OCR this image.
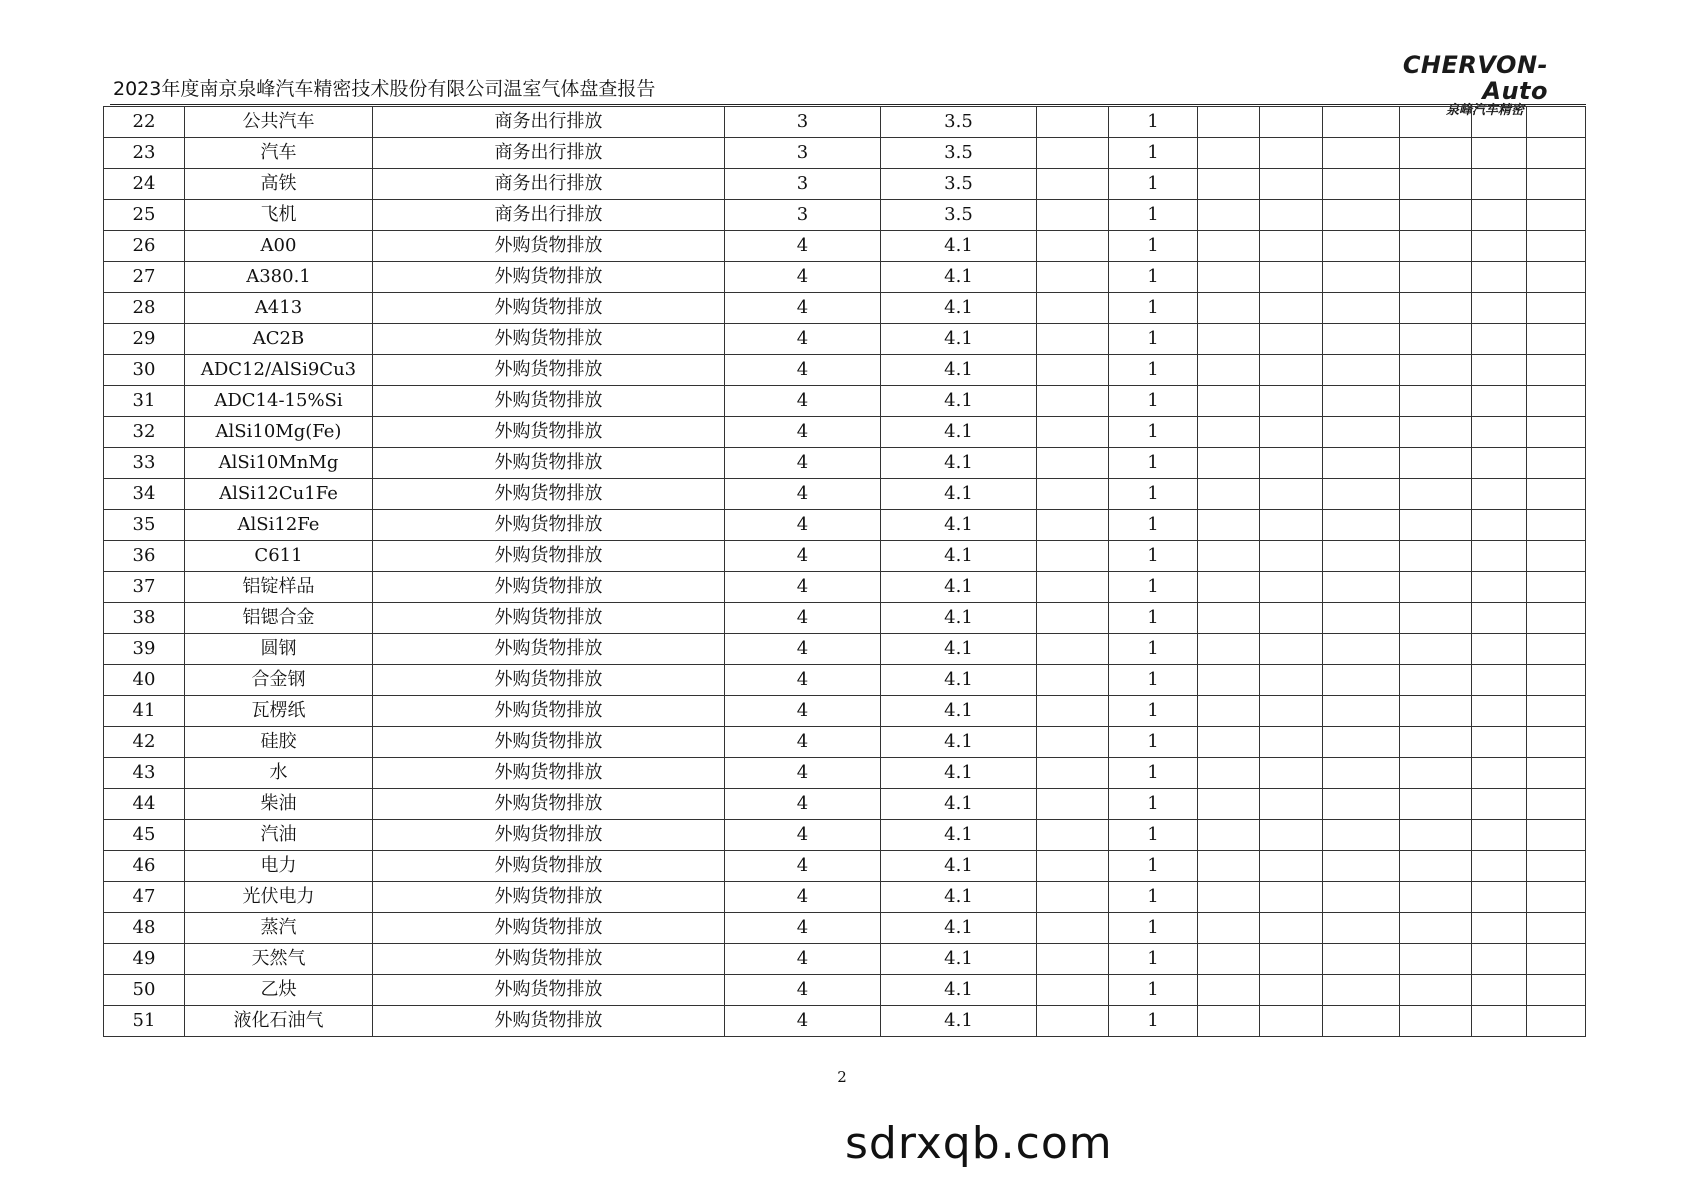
2023年度南京泉峰汽车精密技术股份有限公司温室气体盘查报告
CHERVON-Auto
泉峰汽车精密
22	公共汽车	商务出行排放	3	3.5		1						
23	汽车	商务出行排放	3	3.5		1						
24	高铁	商务出行排放	3	3.5		1						
25	飞机	商务出行排放	3	3.5		1						
26	A00	外购货物排放	4	4.1		1						
27	A380.1	外购货物排放	4	4.1		1						
28	A413	外购货物排放	4	4.1		1						
29	AC2B	外购货物排放	4	4.1		1						
30	ADC12/AlSi9Cu3	外购货物排放	4	4.1		1						
31	ADC14-15%Si	外购货物排放	4	4.1		1						
32	AlSi10Mg(Fe)	外购货物排放	4	4.1		1						
33	AlSi10MnMg	外购货物排放	4	4.1		1						
34	AlSi12Cu1Fe	外购货物排放	4	4.1		1						
35	AlSi12Fe	外购货物排放	4	4.1		1						
36	C611	外购货物排放	4	4.1		1						
37	铝锭样品	外购货物排放	4	4.1		1						
38	铝锶合金	外购货物排放	4	4.1		1						
39	圆钢	外购货物排放	4	4.1		1						
40	合金钢	外购货物排放	4	4.1		1						
41	瓦楞纸	外购货物排放	4	4.1		1						
42	硅胶	外购货物排放	4	4.1		1						
43	水	外购货物排放	4	4.1		1						
44	柴油	外购货物排放	4	4.1		1						
45	汽油	外购货物排放	4	4.1		1						
46	电力	外购货物排放	4	4.1		1						
47	光伏电力	外购货物排放	4	4.1		1						
48	蒸汽	外购货物排放	4	4.1		1						
49	天然气	外购货物排放	4	4.1		1						
50	乙炔	外购货物排放	4	4.1		1						
51	液化石油气	外购货物排放	4	4.1		1						
2
sdrxqb.com
